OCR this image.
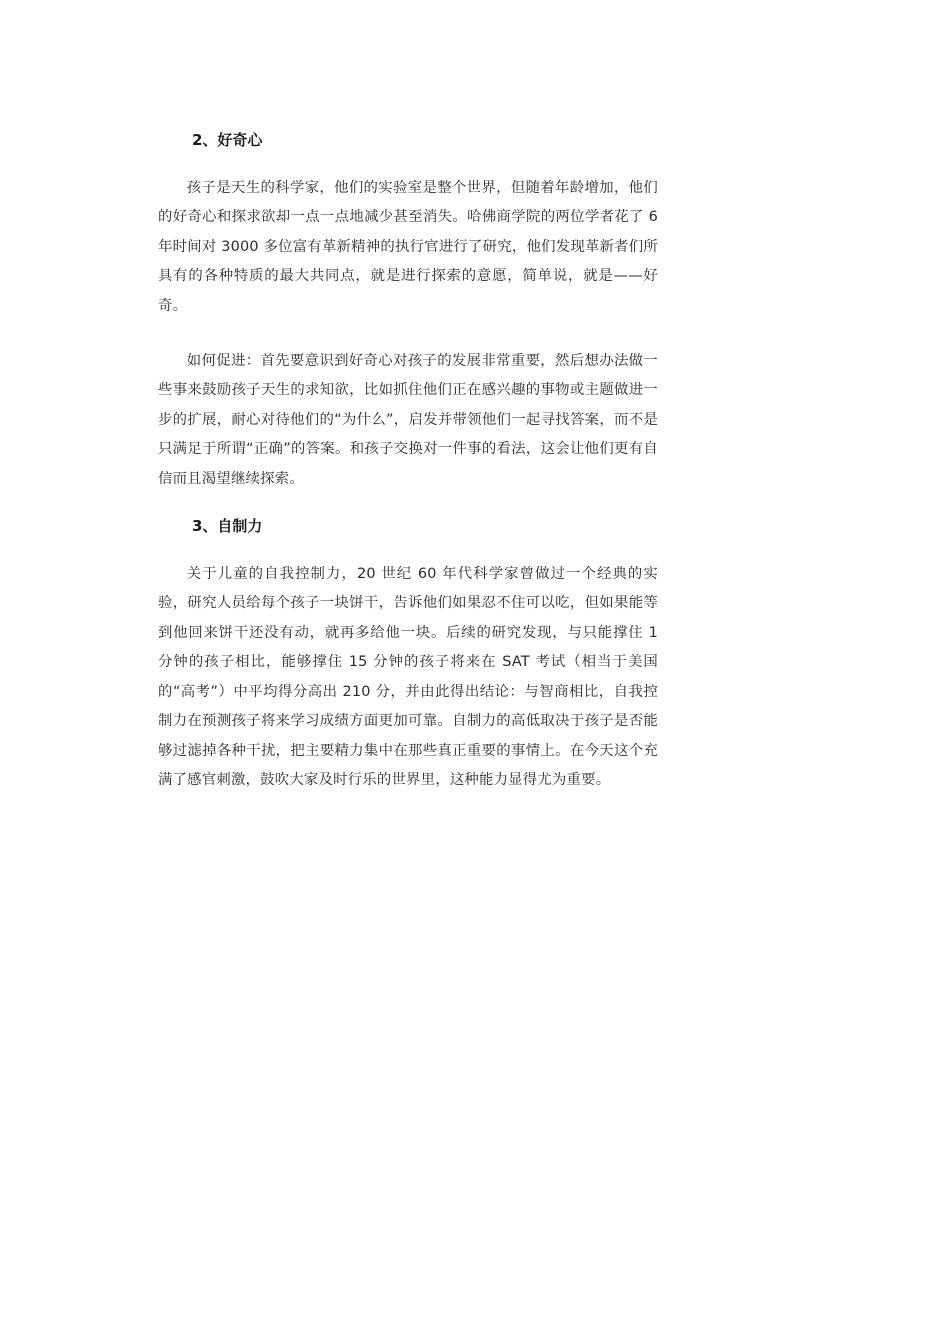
2、好奇心

孩子是天生的科学家，他们的实验室是整个世界，但随着年龄增加，他们的好奇心和探求欲却一点一点地减少甚至消失。哈佛商学院的两位学者花了 6 年时间对 3000 多位富有革新精神的执行官进行了研究，他们发现革新者们所具有的各种特质的最大共同点，就是进行探索的意愿，简单说，就是——好奇。

如何促进：首先要意识到好奇心对孩子的发展非常重要，然后想办法做一些事来鼓励孩子天生的求知欲，比如抓住他们正在感兴趣的事物或主题做进一步的扩展，耐心对待他们的“为什么”，启发并带领他们一起寻找答案，而不是只满足于所谓“正确”的答案。和孩子交换对一件事的看法，这会让他们更有自信而且渴望继续探索。

3、自制力

关于儿童的自我控制力，20 世纪 60 年代科学家曾做过一个经典的实验，研究人员给每个孩子一块饼干，告诉他们如果忍不住可以吃，但如果能等到他回来饼干还没有动，就再多给他一块。后续的研究发现，与只能撑住 1 分钟的孩子相比，能够撑住 15 分钟的孩子将来在 SAT 考试（相当于美国的“高考”）中平均得分高出 210 分，并由此得出结论：与智商相比，自我控制力在预测孩子将来学习成绩方面更加可靠。自制力的高低取决于孩子是否能够过滤掉各种干扰，把主要精力集中在那些真正重要的事情上。在今天这个充满了感官刺激，鼓吹大家及时行乐的世界里，这种能力显得尤为重要。
